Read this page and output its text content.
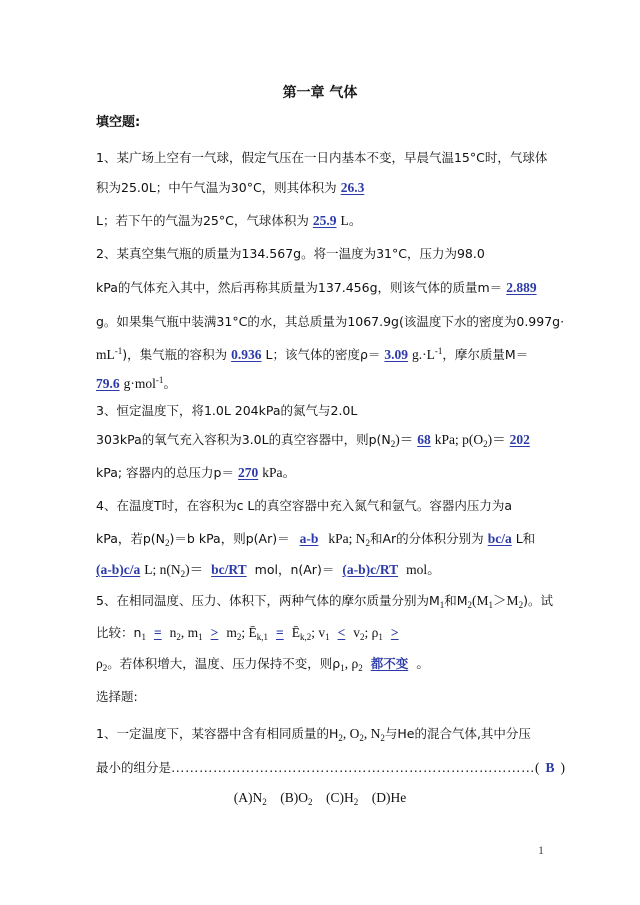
第一章 气体
填空题:
1、某广场上空有一气球，假定气压在一日内基本不变，早晨气温15°C时，气球体
积为25.0L；中午气温为30°C，则其体积为 26.3
L；若下午的气温为25°C，气球体积为 25.9 L。
2、某真空集气瓶的质量为134.567g。将一温度为31°C，压力为98.0
kPa的气体充入其中，然后再称其质量为137.456g，则该气体的质量m＝ 2.889
g。如果集气瓶中装满31°C的水，其总质量为1067.9g(该温度下水的密度为0.997g·
$mL^{-1}$)，集气瓶的容积为 0.936 L；该气体的密度ρ＝ 3.09 $g.\cdot L^{-1}$，摩尔质量M＝
79.6 g·mol$^{-1}$。
3、恒定温度下，将1.0L 204kPa的氮气与2.0L
303kPa的氧气充入容积为3.0L的真空容器中，则$p(N_2)= 68$ kPa; $p(O_2)= 202$
kPa; 容器内的总压力p＝ 270 kPa。
4、在温度T时，在容积为c L的真空容器中充入氮气和氩气。容器内压力为a
kPa，若$p(N_2)=b$ kPa，则p(Ar)＝ a-b kPa; $N_2$和Ar的分体积分别为 bc/a L和
(a-b)c/a L; $n(N_2)= bc/RT$ mol，n(Ar)＝ (a-b)c/RT mol。
5、在相同温度、压力、体积下，两种气体的摩尔质量分别为$M_1$和$M_2(M_1>M_2)$。试
比较：$n_1 = n_2$, $m_1 > m_2$; $Ē_{k,1}$ = $Ē_{k,2}$; $v_1 < v_2$; $\rho_1$ >
$\rho_2$。若体积增大，温度、压力保持不变，则$\rho_1$, $\rho_2$ 都不变 。
选择题:
1、一定温度下，某容器中含有相同质量的$H_2$, $O_2$, $N_2$与He的混合气体,其中分压
最小的组分是……………………………………………………………………( B )
$(A)N_2$ $(B)O_2$ $(C)H_2$ (D)He
1
